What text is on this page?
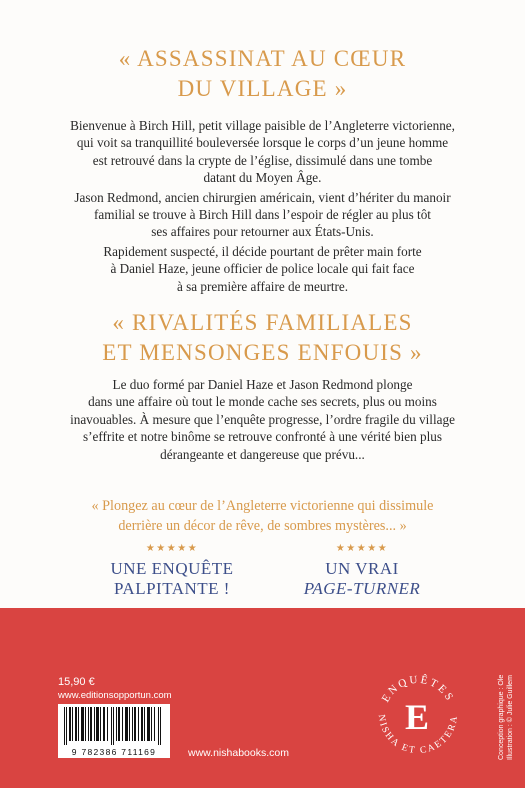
« ASSASSINAT AU CŒUR
DU VILLAGE »

Bienvenue à Birch Hill, petit village paisible de l’Angleterre victorienne,

qui voit sa tranquillité bouleversée lorsque le corps d’un jeune homme

est retrouvé dans la crypte de l’église, dissimulé dans une tombe

datant du Moyen Âge.

Jason Redmond, ancien chirurgien américain, vient d’hériter du manoir

familial se trouve à Birch Hill dans l’espoir de régler au plus tôt

ses affaires pour retourner aux États-Unis.

Rapidement suspecté, il décide pourtant de prêter main forte

à Daniel Haze, jeune officier de police locale qui fait face

à sa première affaire de meurtre.

« RIVALITÉS FAMILIALES
ET MENSONGES ENFOUIS »

Le duo formé par Daniel Haze et Jason Redmond plonge

dans une affaire où tout le monde cache ses secrets, plus ou moins

inavouables. À mesure que l’enquête progresse, l’ordre fragile du village

s’effrite et notre binôme se retrouve confronté à une vérité bien plus

dérangeante et dangereuse que prévu...

« Plongez au cœur de l’Angleterre victorienne qui dissimule
derrière un décor de rêve, de sombres mystères... »
★★★★★
UNE ENQUÊTE
PALPITANTE !
★★★★★
UN VRAI
PAGE-TURNER
15,90 €
www.editionsopportun.com
9 782386 711169	www.nishabooks.com
ENQUÊTES
NISHA ET CAETERA
E	Conception graphique : Ole Illustration : © Julie Guillem
